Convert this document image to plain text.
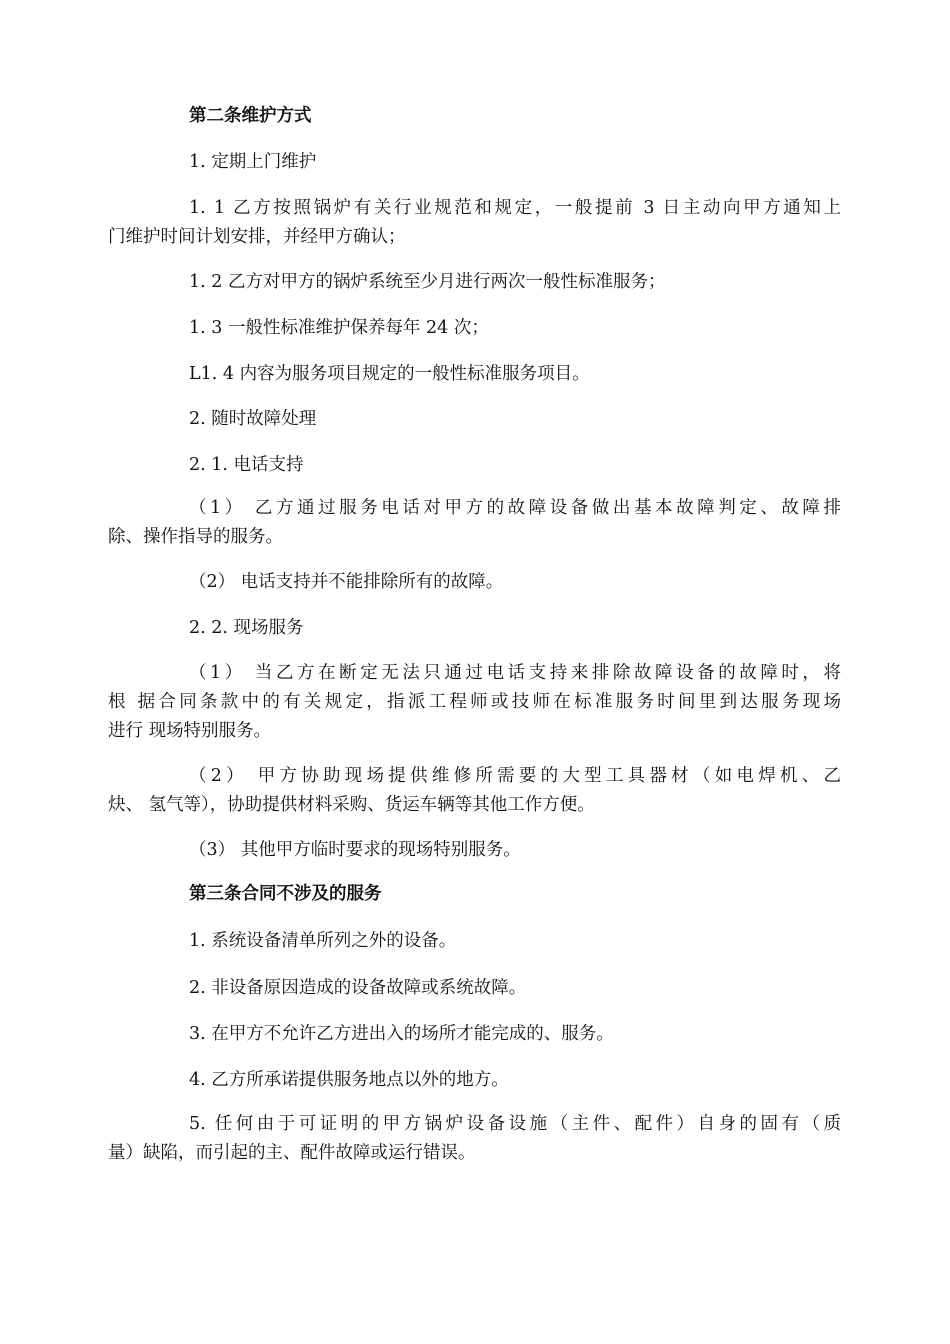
第二条维护方式
1. 定期上门维护
1. 1 乙方按照锅炉有关行业规范和规定，一般提前 3 日主动向甲方通知上
门维护时间计划安排，并经甲方确认；
1. 2 乙方对甲方的锅炉系统至少月进行两次一般性标准服务；
1. 3 一般性标准维护保养每年 24 次；
L1. 4 内容为服务项目规定的一般性标准服务项目。
2. 随时故障处理
2. 1. 电话支持
（1） 乙方通过服务电话对甲方的故障设备做出基本故障判定、故障排
除、操作指导的服务。
（2） 电话支持并不能排除所有的故障。
2. 2. 现场服务
（1） 当乙方在断定无法只通过电话支持来排除故障设备的故障时，将
根 据合同条款中的有关规定，指派工程师或技师在标准服务时间里到达服务现场
进行 现场特别服务。
（2） 甲方协助现场提供维修所需要的大型工具器材（如电焊机、乙
炔、 氢气等），协助提供材料采购、货运车辆等其他工作方便。
（3） 其他甲方临时要求的现场特别服务。
第三条合同不涉及的服务
1. 系统设备清单所列之外的设备。
2. 非设备原因造成的设备故障或系统故障。
3. 在甲方不允许乙方进出入的场所才能完成的、服务。
4. 乙方所承诺提供服务地点以外的地方。
5. 任何由于可证明的甲方锅炉设备设施（主件、配件）自身的固有（质
量）缺陷，而引起的主、配件故障或运行错误。
